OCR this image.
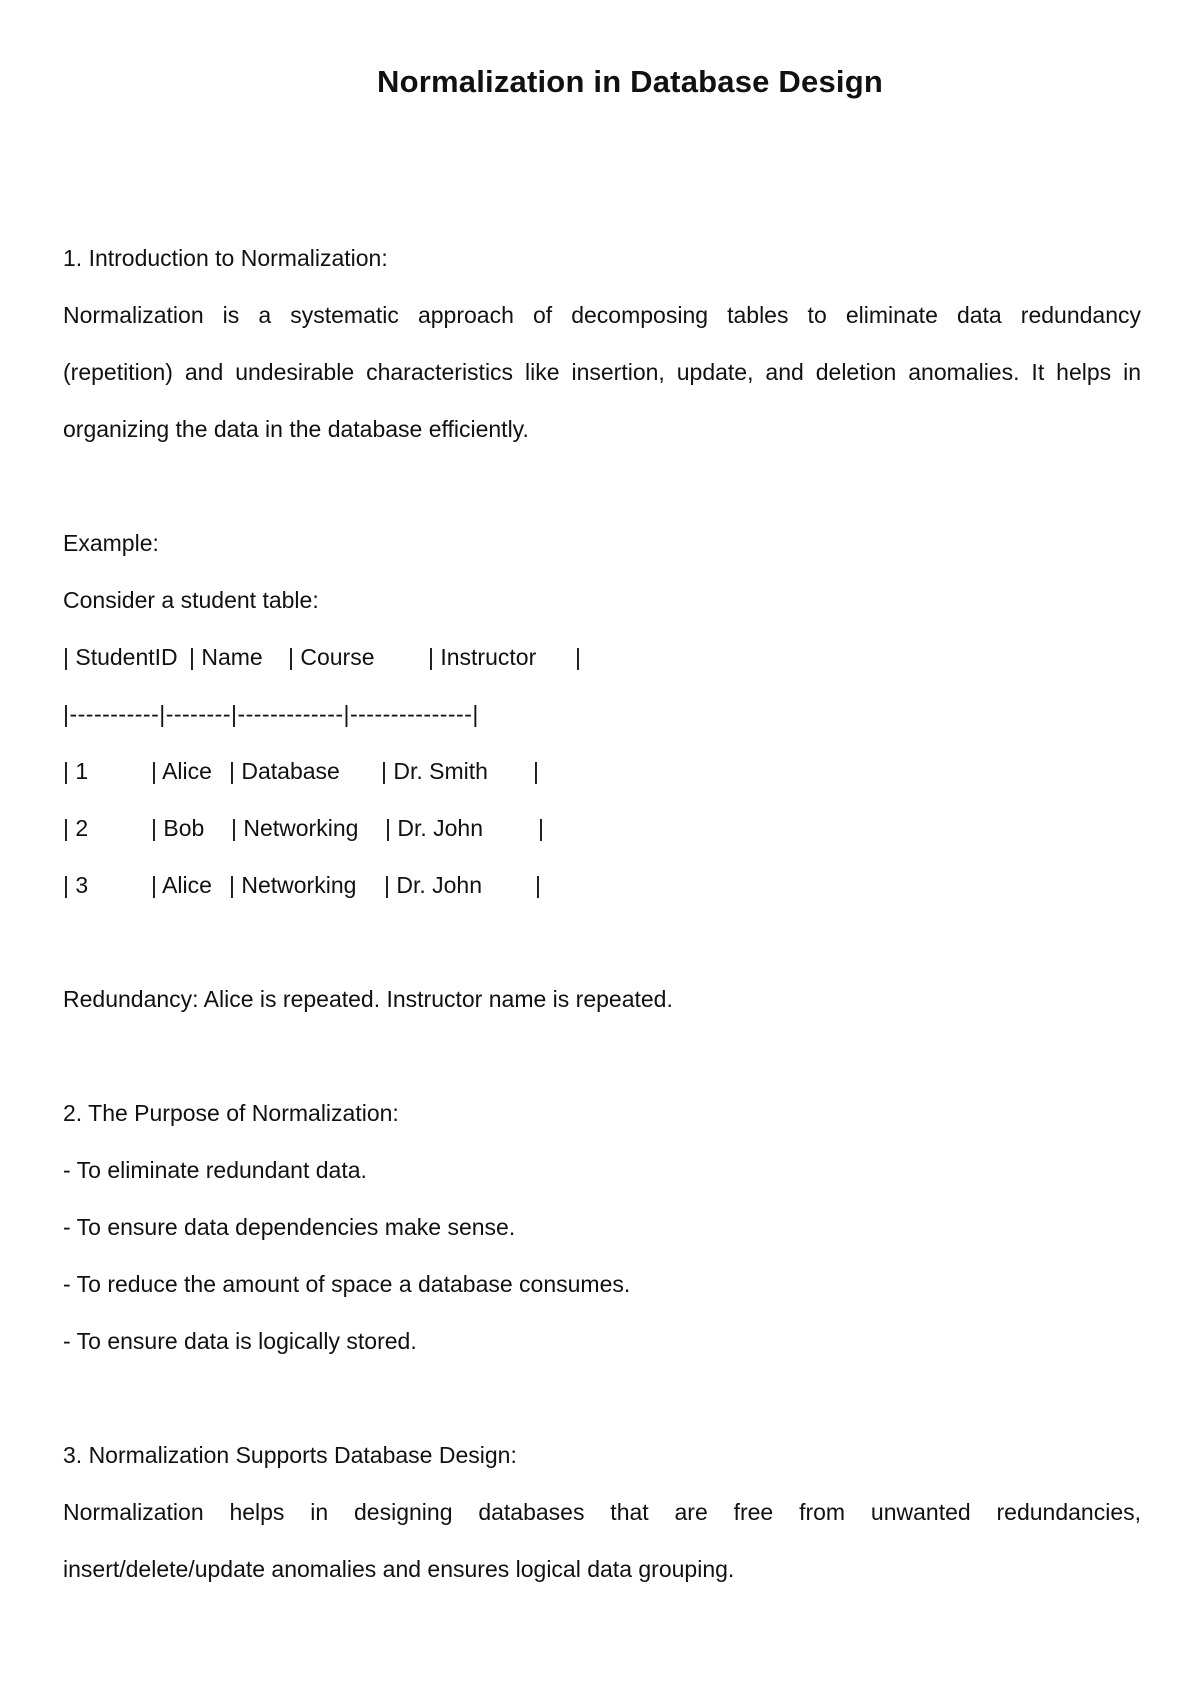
Normalization in Database Design
1. Introduction to Normalization:
Normalization is a systematic approach of decomposing tables to eliminate data redundancy
(repetition) and undesirable characteristics like insertion, update, and deletion anomalies. It helps in
organizing the data in the database efficiently.
Example:
Consider a student table:
| StudentID | Name | Course | Instructor |
|-----------|--------|-------------|---------------|
| 1	| Alice | Database | Dr. Smith |
| 2	| Bob | Networking | Dr. John |
| 3	| Alice | Networking | Dr. John |
Redundancy: Alice is repeated. Instructor name is repeated.
2. The Purpose of Normalization:
- To eliminate redundant data.
- To ensure data dependencies make sense.
- To reduce the amount of space a database consumes.
- To ensure data is logically stored.
3. Normalization Supports Database Design:
Normalization helps in designing databases that are free from unwanted redundancies,
insert/delete/update anomalies and ensures logical data grouping.
